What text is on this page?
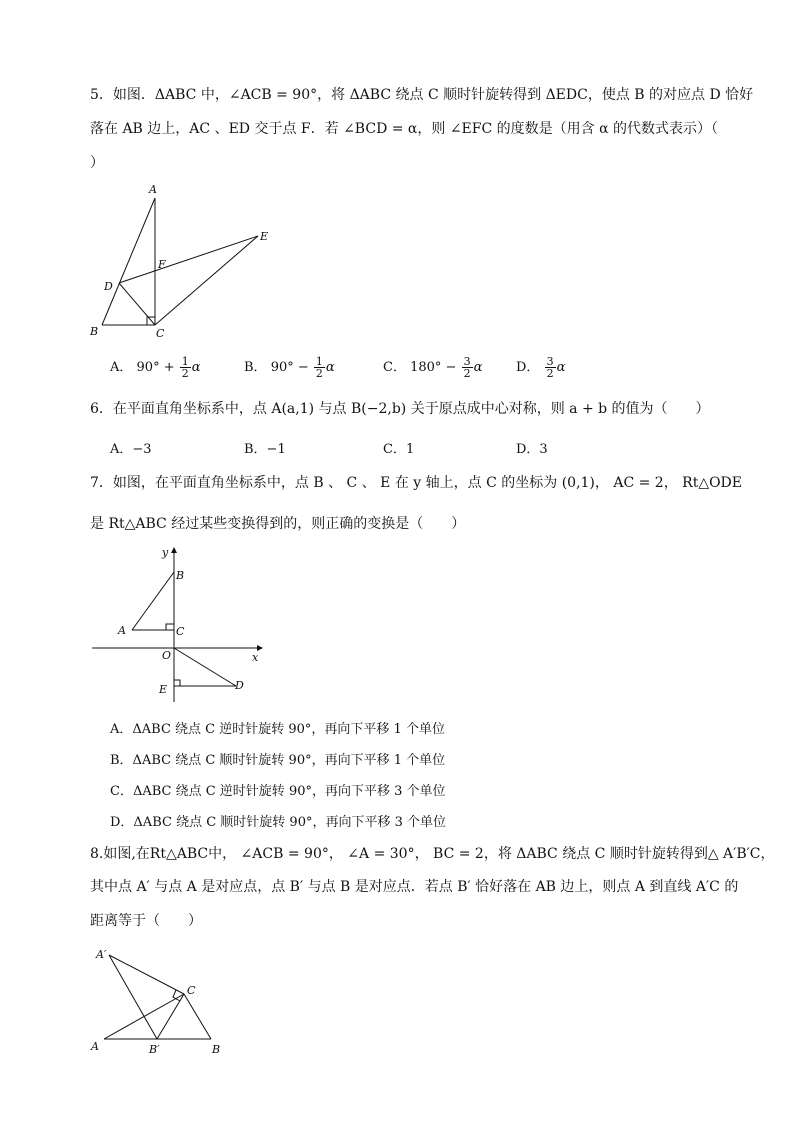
5．如图．ΔABC 中，∠ACB = 90°，将 ΔABC 绕点 C 顺时针旋转得到 ΔEDC，使点 B 的对应点 D 恰好
落在 AB 边上，AC 、ED 交于点 F．若 ∠BCD = α，则 ∠EFC 的度数是（用含 α 的代数式表示）（
）
A
E
F
D
B	C
A． $90^\circ + \frac{1}{2}$ α	B． $90^\circ - \frac{1}{2}$ α	C． $180^\circ - \frac{3}{2}$ α	D． $\frac{3}{2}$ α
6．在平面直角坐标系中，点 A(a,1) 与点 B(−2,b) 关于原点成中心对称，则 a + b 的值为（　　）
A．−3	B．−1	C．1	D．3
7．如图，在平面直角坐标系中，点 B 、 C 、 E 在 y 轴上，点 C 的坐标为 (0,1)， AC = 2， Rt△ODE
是 Rt△ABC 经过某些变换得到的，则正确的变换是（　　）
y
B
A	C
O	x
E	D
A．ΔABC 绕点 C 逆时针旋转 90°，再向下平移 1 个单位
B．ΔABC 绕点 C 顺时针旋转 90°，再向下平移 1 个单位
C．ΔABC 绕点 C 逆时针旋转 90°，再向下平移 3 个单位
D．ΔABC 绕点 C 顺时针旋转 90°，再向下平移 3 个单位
8.如图,在Rt△ABC中， ∠ACB = 90°， ∠A = 30°， BC = 2，将 ΔABC 绕点 C 顺时针旋转得到△ A′B′C，
其中点 A′ 与点 A 是对应点，点 B′ 与点 B 是对应点．若点 B′ 恰好落在 AB 边上，则点 A 到直线 A′C 的
距离等于（　　）
A′
C
A	B′	B
